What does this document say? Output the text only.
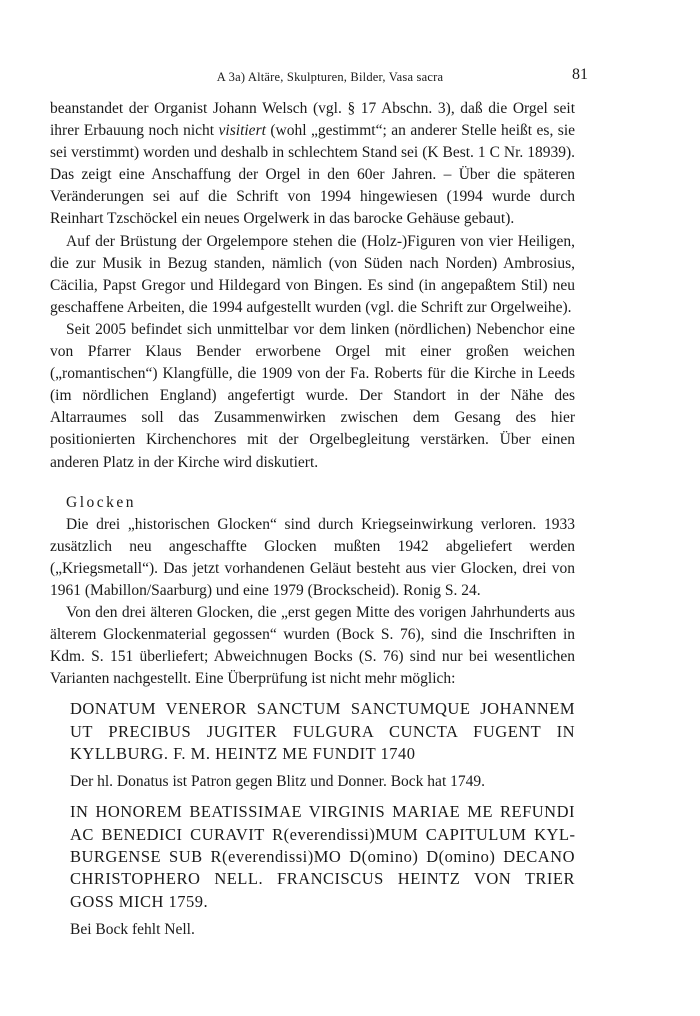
A 3a) Altäre, Skulpturen, Bilder, Vasa sacra	81

beanstandet der Organist Johann Welsch (vgl. § 17 Abschn. 3), daß die Orgel seit ihrer Erbauung noch nicht visitiert (wohl „gestimmt“; an anderer Stelle heißt es, sie sei verstimmt) worden und deshalb in schlechtem Stand sei (K Best. 1 C Nr. 18939). Das zeigt eine Anschaffung der Orgel in den 60er Jahren. – Über die späteren Veränderungen sei auf die Schrift von 1994 hingewiesen (1994 wurde durch Reinhart Tzschöckel ein neues Orgelwerk in das barocke Gehäuse gebaut).

Auf der Brüstung der Orgelempore stehen die (Holz-)Figuren von vier Heiligen, die zur Musik in Bezug standen, nämlich (von Süden nach Norden) Ambrosius, Cäcilia, Papst Gregor und Hildegard von Bingen. Es sind (in angepaßtem Stil) neu geschaffene Arbeiten, die 1994 aufgestellt wurden (vgl. die Schrift zur Orgelweihe).

Seit 2005 befindet sich unmittelbar vor dem linken (nördlichen) Nebenchor eine von Pfarrer Klaus Bender erworbene Orgel mit einer großen weichen („romantischen“) Klangfülle, die 1909 von der Fa. Roberts für die Kirche in Leeds (im nördlichen England) angefertigt wurde. Der Standort in der Nähe des Altarraumes soll das Zusammenwirken zwischen dem Gesang des hier positionierten Kirchenchores mit der Orgelbegleitung verstärken. Über einen anderen Platz in der Kirche wird diskutiert.

Glocken

Die drei „historischen Glocken“ sind durch Kriegseinwirkung verloren. 1933 zusätzlich neu angeschaffte Glocken mußten 1942 abgeliefert werden („Kriegsmetall“). Das jetzt vorhandenen Geläut besteht aus vier Glocken, drei von 1961 (Mabillon/Saarburg) und eine 1979 (Brockscheid). Ronig S. 24.

Von den drei älteren Glocken, die „erst gegen Mitte des vorigen Jahrhunderts aus älterem Glockenmaterial gegossen“ wurden (Bock S. 76), sind die Inschriften in Kdm. S. 151 überliefert; Abweichnugen Bocks (S. 76) sind nur bei wesentlichen Varianten nachgestellt. Eine Überprüfung ist nicht mehr möglich:

DONATUM VENEROR SANCTUM SANCTUMQUE JOHANNEM UT PRECIBUS JUGITER FULGURA CUNCTA FUGENT IN KYLLBURG. F. M. HEINTZ ME FUNDIT 1740

Der hl. Donatus ist Patron gegen Blitz und Donner. Bock hat 1749.

IN HONOREM BEATISSIMAE VIRGINIS MARIAE ME REFUNDI AC BENEDICI CURAVIT R(everendissi)MUM CAPITULUM KYLBURGENSE SUB R(everendissi)MO D(omino) D(omino) DECANO CHRISTOPHERO NELL. FRANCISCUS HEINTZ VON TRIER GOSS MICH 1759.

Bei Bock fehlt Nell.
